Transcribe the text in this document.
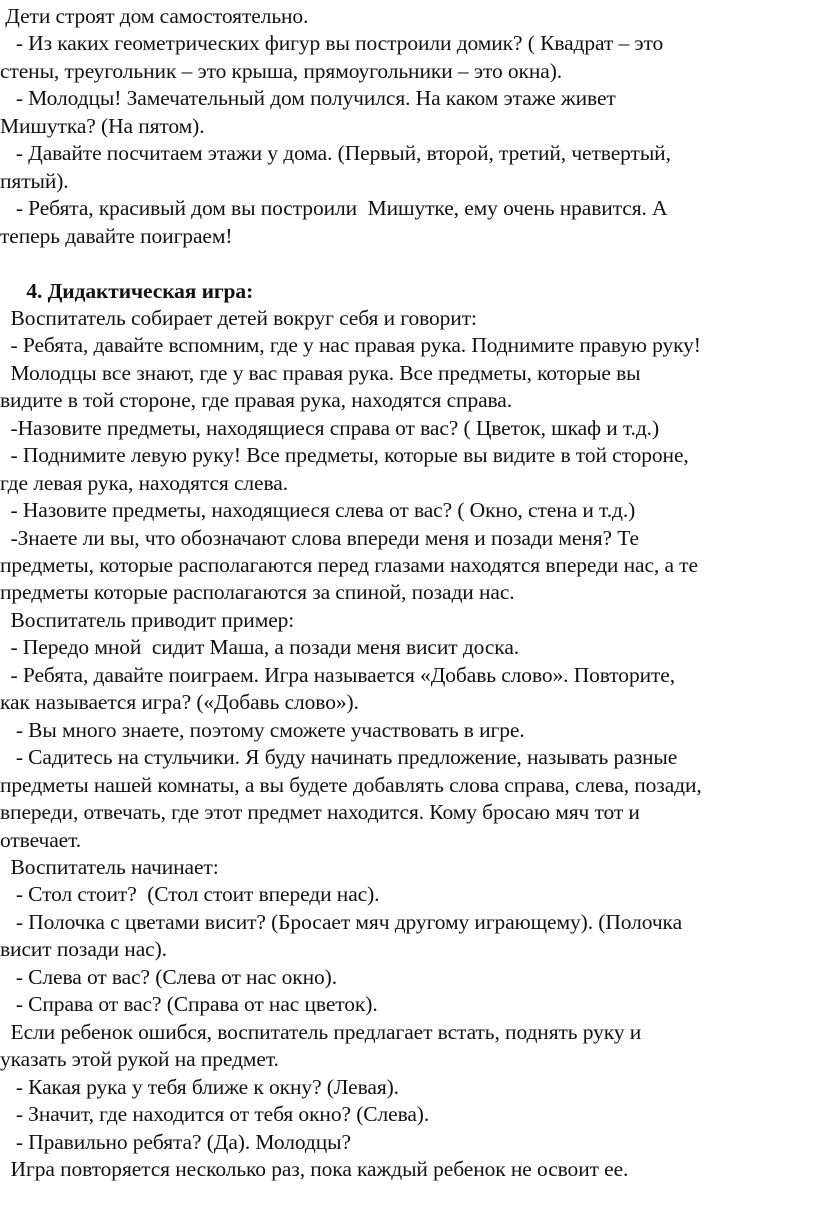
Дети строят дом самостоятельно.
- Из каких геометрических фигур вы построили домик? ( Квадрат – это
стены, треугольник – это крыша, прямоугольники – это окна).
- Молодцы! Замечательный дом получился. На каком этаже живет
Мишутка? (На пятом).
- Давайте посчитаем этажи у дома. (Первый, второй, третий, четвертый,
пятый).
- Ребята, красивый дом вы построили  Мишутке, ему очень нравится. А
теперь давайте поиграем!
4. Дидактическая игра:
Воспитатель собирает детей вокруг себя и говорит:
- Ребята, давайте вспомним, где у нас правая рука. Поднимите правую руку!
Молодцы все знают, где у вас правая рука. Все предметы, которые вы
видите в той стороне, где правая рука, находятся справа.
-Назовите предметы, находящиеся справа от вас? ( Цветок, шкаф и т.д.)
- Поднимите левую руку! Все предметы, которые вы видите в той стороне,
где левая рука, находятся слева.
- Назовите предметы, находящиеся слева от вас? ( Окно, стена и т.д.)
-Знаете ли вы, что обозначают слова впереди меня и позади меня? Те
предметы, которые располагаются перед глазами находятся впереди нас, а те
предметы которые располагаются за спиной, позади нас.
Воспитатель приводит пример:
- Передо мной  сидит Маша, а позади меня висит доска.
- Ребята, давайте поиграем. Игра называется «Добавь слово». Повторите,
как называется игра? («Добавь слово»).
- Вы много знаете, поэтому сможете участвовать в игре.
- Садитесь на стульчики. Я буду начинать предложение, называть разные
предметы нашей комнаты, а вы будете добавлять слова справа, слева, позади,
впереди, отвечать, где этот предмет находится. Кому бросаю мяч тот и
отвечает.
Воспитатель начинает:
- Стол стоит?  (Стол стоит впереди нас).
- Полочка с цветами висит? (Бросает мяч другому играющему). (Полочка
висит позади нас).
- Слева от вас? (Слева от нас окно).
- Справа от вас? (Справа от нас цветок).
Если ребенок ошибся, воспитатель предлагает встать, поднять руку и
указать этой рукой на предмет.
- Какая рука у тебя ближе к окну? (Левая).
- Значит, где находится от тебя окно? (Слева).
- Правильно ребята? (Да). Молодцы?
Игра повторяется несколько раз, пока каждый ребенок не освоит ее.
